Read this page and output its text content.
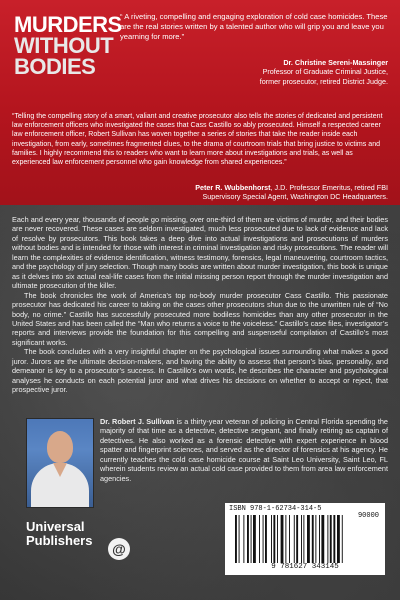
MURDERS
WITHOUT
BODIES
“ A riveting, compelling and engaging exploration of cold case homicides. These are the real stories written by a talented author who will grip you and leave you yearning for more.”
Dr. Christine Sereni-Massinger
Professor of Graduate Criminal Justice,
former prosecutor, retired District Judge.
“Telling the compelling story of a smart, valiant and creative prosecutor also tells the stories of dedicated and persistent law enforcement officers who investigated the cases that Cass Castillo so ably prosecuted. Himself a respected career law enforcement officer, Robert Sullivan has woven together a series of stories that take the reader inside each investigation, from early, sometimes fragmented clues, to the drama of courtroom trials that bring justice to victims and families. I highly recommend this to readers who want to learn more about investigations and trials, as well as experienced law enforcement personnel who gain knowledge from shared experiences.”
Peter R. Wubbenhorst, J.D. Professor Emeritus, retired FBI
Supervisory Special Agent, Washington DC Headquarters.

Each and every year, thousands of people go missing, over one-third of them are victims of murder, and their bodies are never recovered. These cases are seldom investigated, much less prosecuted due to lack of evidence and lack of resolve by prosecutors. This book takes a deep dive into actual investigations and prosecutions of murders without bodies and is intended for those with interest in criminal investigation and risky prosecutions. The reader will learn the complexities of evidence identification, witness testimony, forensics, legal maneuvering, courtroom tactics, and the psychology of jury selection. Though many books are written about murder investigation, this book is unique as it delves into six actual real-life cases from the initial missing person report through the murder investigation and ultimate prosecution of the killer.

The book chronicles the work of America’s top no-body murder prosecutor Cass Castillo. This passionate prosecutor has dedicated his career to taking on the cases other prosecutors shun due to the unwritten rule of “No body, no crime.” Castillo has successfully prosecuted more bodiless homicides than any other prosecutor in the United States and has been called the “Man who returns a voice to the voiceless.” Castillo’s case files, investigator’s reports and interviews provide the foundation for this compelling and suspenseful compilation of Castillo’s most significant works.

The book concludes with a very insightful chapter on the psychological issues surrounding what makes a good juror. Jurors are the ultimate decision-makers, and having the ability to assess that person’s bias, personality, and demeanor is key to a prosecutor’s success. In Castillo’s own words, he describes the character and psychological analyses he conducts on each potential juror and what drives his decisions on whether to accept or reject, that prospective juror.

Dr. Robert J. Sullivan is a thirty-year veteran of policing in Central Florida spending the majority of that time as a detective, detective sergeant, and finally retiring as captain of detectives. He also worked as a forensic detective with expert experience in blood spatter and fingerprint sciences, and served as the director of forensics at his agency. He currently teaches the cold case homicide course at Saint Leo University, Saint Leo, FL wherein students review an actual cold case provided to them from area law enforcement agencies.
Universal
Publishers
@
ISBN 978-1-62734-314-5
90000
9 781627 343145
